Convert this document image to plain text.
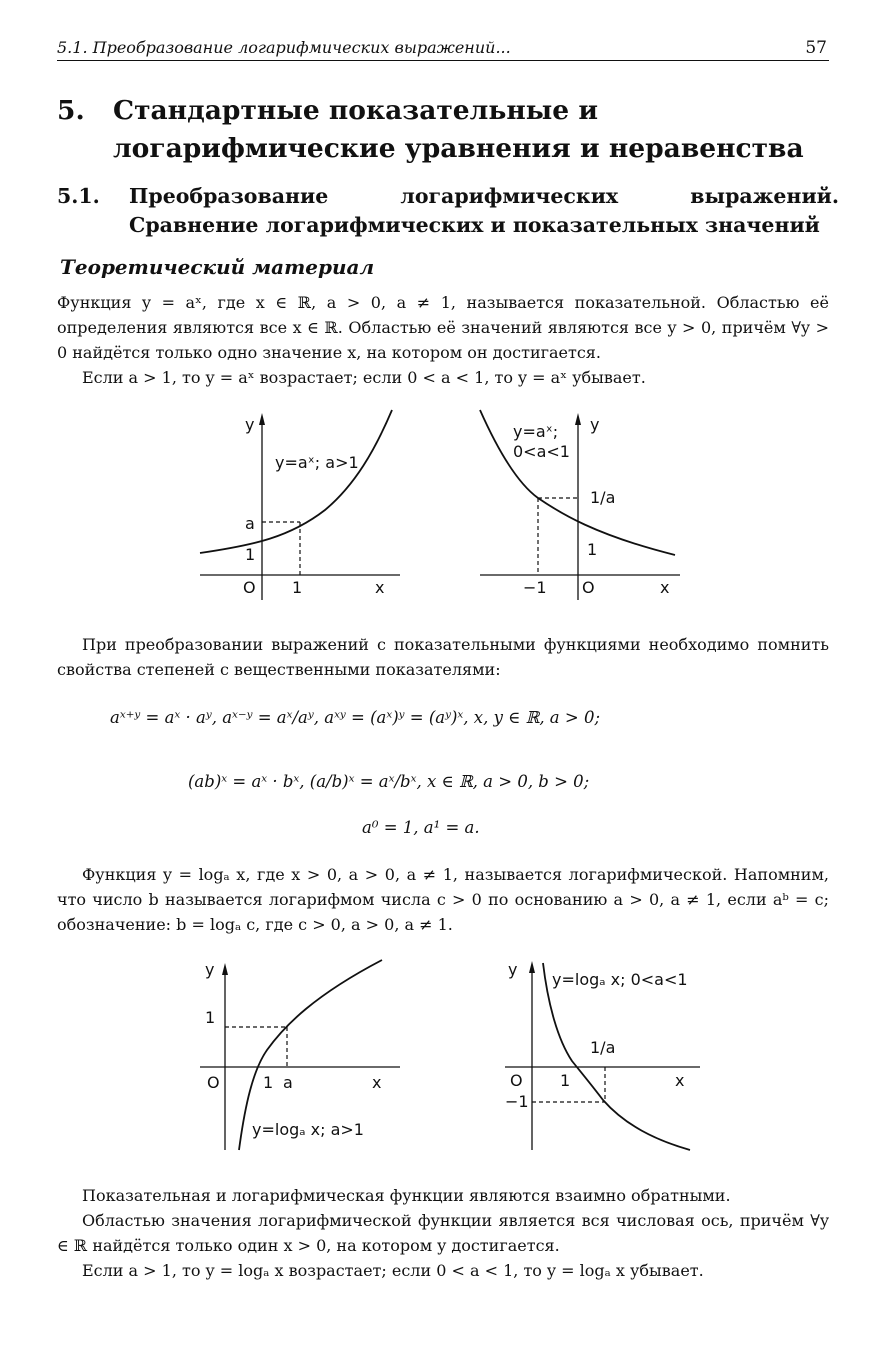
5.1. Преобразование логарифмических выражений...	57
5. Стандартные показательные и логарифмические уравнения и неравенства
5.1. Преобразование логарифмических выражений. Сравнение логарифмических и показательных значений
Теоретический материал
Функция y = aˣ, где x ∈ ℝ, a > 0, a ≠ 1, называется показательной. Областью её определения являются все x ∈ ℝ. Областью её значений являются все y > 0, причём ∀y > 0 найдётся только одно значение x, на котором он достигается.
Если a > 1, то y = aˣ возрастает; если 0 < a < 1, то y = aˣ убывает.
y
y=aˣ; a>1
a
1
O 1	x
y=aˣ;
0<a<1
y
1/a
1
−1 O	x
При преобразовании выражений с показательными функциями необходимо помнить свойства степеней с вещественными показателями:
aˣ⁺ʸ = aˣ · aʸ, aˣ⁻ʸ = aˣ/aʸ, aˣʸ = (aˣ)ʸ = (aʸ)ˣ, x, y ∈ ℝ, a > 0;
(ab)ˣ = aˣ · bˣ, (a/b)ˣ = aˣ/bˣ, x ∈ ℝ, a > 0, b > 0;
a⁰ = 1, a¹ = a.
Функция y = logₐ x, где x > 0, a > 0, a ≠ 1, называется логарифмической. Напомним, что число b называется логарифмом числа c > 0 по основанию a > 0, a ≠ 1, если aᵇ = c; обозначение: b = logₐ c, где c > 0, a > 0, a ≠ 1.
y
1
O	1 a	x
y=logₐ x; a>1
y
y=logₐ x; 0<a<1
1/a
O 1	x
−1
Показательная и логарифмическая функции являются взаимно обратными.
Областью значения логарифмической функции является вся числовая ось, причём ∀y ∈ ℝ найдётся только один x > 0, на котором y достигается.
Если a > 1, то y = logₐ x возрастает; если 0 < a < 1, то y = logₐ x убывает.
